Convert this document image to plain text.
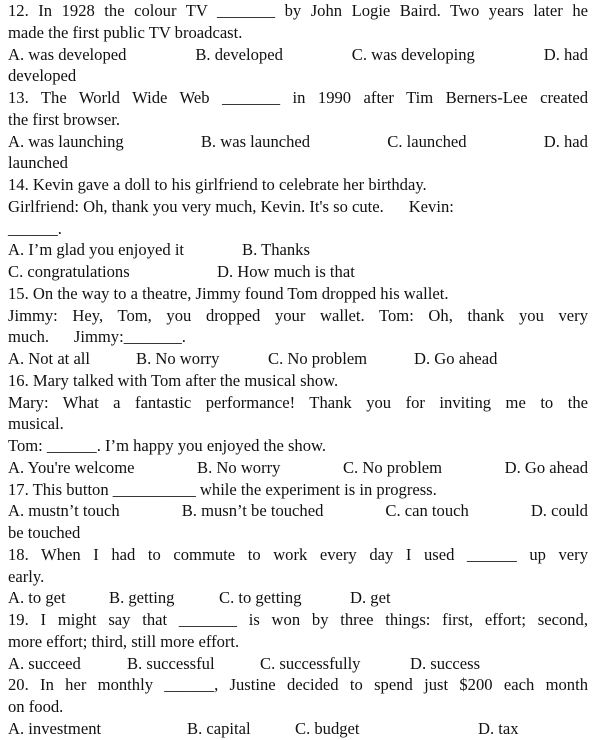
12. In 1928 the colour TV _______ by John Logie Baird. Two years later he
made the first public TV broadcast.
A. was developed	B. developed	C. was developing	D. had
developed
13. The World Wide Web _______ in 1990 after Tim Berners-Lee created
the first browser.
A. was launching	B. was launched	C. launched	D. had
launched
14. Kevin gave a doll to his girlfriend to celebrate her birthday.
Girlfriend: Oh, thank you very much, Kevin. It's so cute.      Kevin:
______.
A. I’m glad you enjoyed it	B. Thanks
C. congratulations	D. How much is that
15. On the way to a theatre, Jimmy found Tom dropped his wallet.
Jimmy: Hey, Tom, you dropped your wallet. Tom: Oh, thank you very
much.      Jimmy:_______.
A. Not at all	B. No worry	C. No problem	D. Go ahead
16. Mary talked with Tom after the musical show.
Mary: What a fantastic performance! Thank you for inviting me to the
musical.
Tom: ______. I’m happy you enjoyed the show.
A. You're welcome	B. No worry	C. No problem	D. Go ahead
17. This button __________ while the experiment is in progress.
A. mustn’t touch	B. musn’t be touched	C. can touch	D. could
be touched
18. When I had to commute to work every day I used ______ up very
early.
A. to get	B. getting	C. to getting	D. get
19. I might say that _______ is won by three things: first, effort; second,
more effort; third, still more effort.
A. succeed	B. successful	C. successfully	D. success
20. In her monthly ______, Justine decided to spend just $200 each month
on food.
A. investment	B. capital	C. budget	D. tax
